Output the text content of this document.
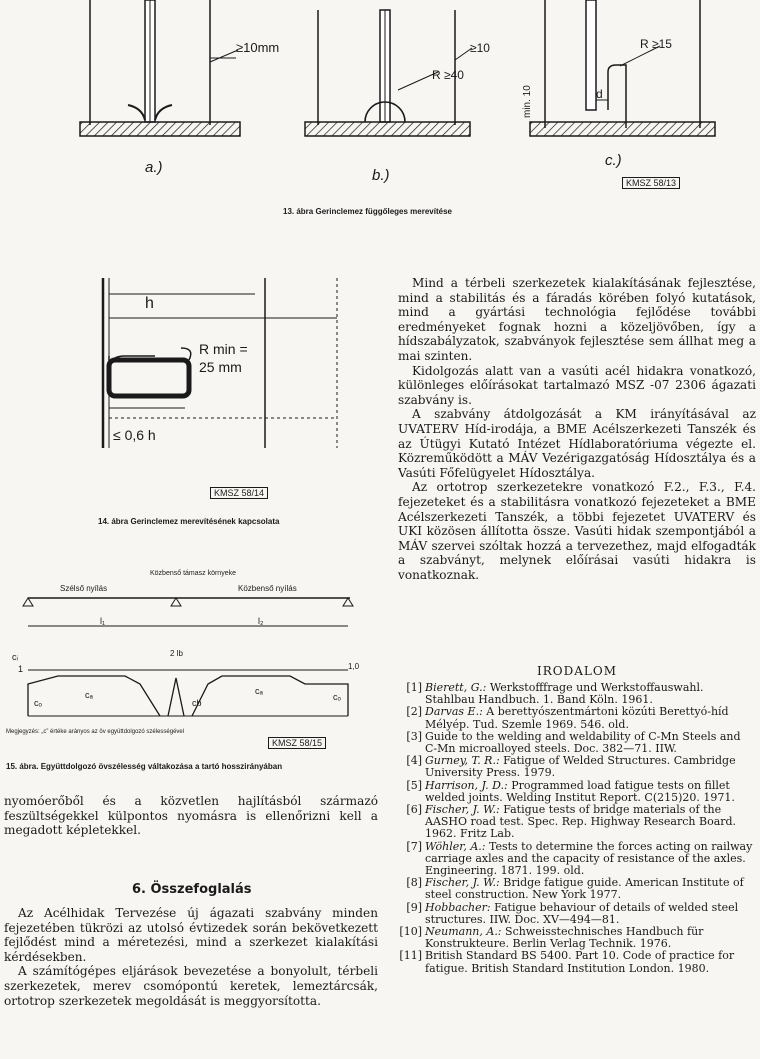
≥10mm
a.)
≥10
R ≥40
b.)
d
R ≥15
min. 10
c.)
KMSZ 58/13
13. ábra Gerinclemez függőleges merevítése
h
R min =
25 mm
≤ 0,6 h
KMSZ 58/14
14. ábra Gerinclemez merevítésének kapcsolata
Közbenső támasz környeke
Szélső nyílás	Közbenső nyílás
l₁	l₂
cᵢ
1	1,0
2 lb
cₒ
cₐ
cb
cₐ
cₒ
Megjegyzés: „c” értéke arányos az öv együttdolgozó szélességével
KMSZ 58/15
15. ábra. Együttdolgozó övszélesség váltakozása a tartó hosszirányában

nyomóerőből és a közvetlen hajlításból származó feszültségekkel külpontos nyomásra is ellenőrizni kell a megadott képletekkel.

6. Összefoglalás

Az Acélhidak Tervezése új ágazati szabvány minden fejezetében tükrözi az utolsó évtizedek során bekövetkezett fejlődést mind a méretezési, mind a szerkezet kialakítási kérdésekben.

A számítógépes eljárások bevezetése a bonyolult, térbeli szerkezetek, merev csomópontú keretek, lemeztárcsák, ortotrop szerkezetek megoldását is meggyorsította.

Mind a térbeli szerkezetek kialakításának fejlesztése, mind a stabilitás és a fáradás körében folyó kutatások, mind a gyártási technológia fejlődése további eredményeket fognak hozni a közeljövőben, így a hídszabályzatok, szabványok fejlesztése sem állhat meg a mai szinten.

Kidolgozás alatt van a vasúti acél hidakra vonatkozó, különleges előírásokat tartalmazó MSZ -07 2306 ágazati szabvány is.

A szabvány átdolgozását a KM irányításával az UVATERV Híd-irodája, a BME Acélszerkezeti Tanszék és az Útügyi Kutató Intézet Hídlaboratóriuma végezte el. Közreműködött a MÁV Vezérigazgatóság Hídosztálya és a Vasúti Főfelügyelet Hídosztálya.

Az ortotrop szerkezetekre vonatkozó F.2., F.3., F.4. fejezeteket és a stabilitásra vonatkozó fejezeteket a BME Acélszerkezeti Tanszék, a többi fejezetet UVATERV és UKI közösen állította össze. Vasúti hidak szempontjából a MÁV szervei szóltak hozzá a tervezethez, majd elfogadták a szabványt, melynek előírásai vasúti hidakra is vonatkoznak.

IRODALOM
[1] Bierett, G.: Werkstofffrage und Werkstoffauswahl. Stahlbau Handbuch. 1. Band Köln. 1961.
[2] Darvas E.: A berettyószentmártoni közúti Berettyó-híd Mélyép. Tud. Szemle 1969. 546. old.
[3] Guide to the welding and weldability of C-Mn Steels and C-Mn microalloyed steels. Doc. 382—71. IIW.
[4] Gurney, T. R.: Fatigue of Welded Structures. Cambridge University Press. 1979.
[5] Harrison, J. D.: Programmed load fatigue tests on fillet welded joints. Welding Institut Report. C(215)20. 1971.
[6] Fischer, J. W.: Fatigue tests of bridge materials of the AASHO road test. Spec. Rep. Highway Research Board. 1962. Fritz Lab.
[7] Wöhler, A.: Tests to determine the forces acting on railway carriage axles and the capacity of resistance of the axles. Engineering. 1871. 199. old.
[8] Fischer, J. W.: Bridge fatigue guide. American Institute of steel construction. New York 1977.
[9] Hobbacher: Fatigue behaviour of details of welded steel structures. IIW. Doc. XV—494—81.
[10] Neumann, A.: Schweisstechnisches Handbuch für Konstrukteure. Berlin Verlag Technik. 1976.
[11] British Standard BS 5400. Part 10. Code of practice for fatigue. British Standard Institution London. 1980.
